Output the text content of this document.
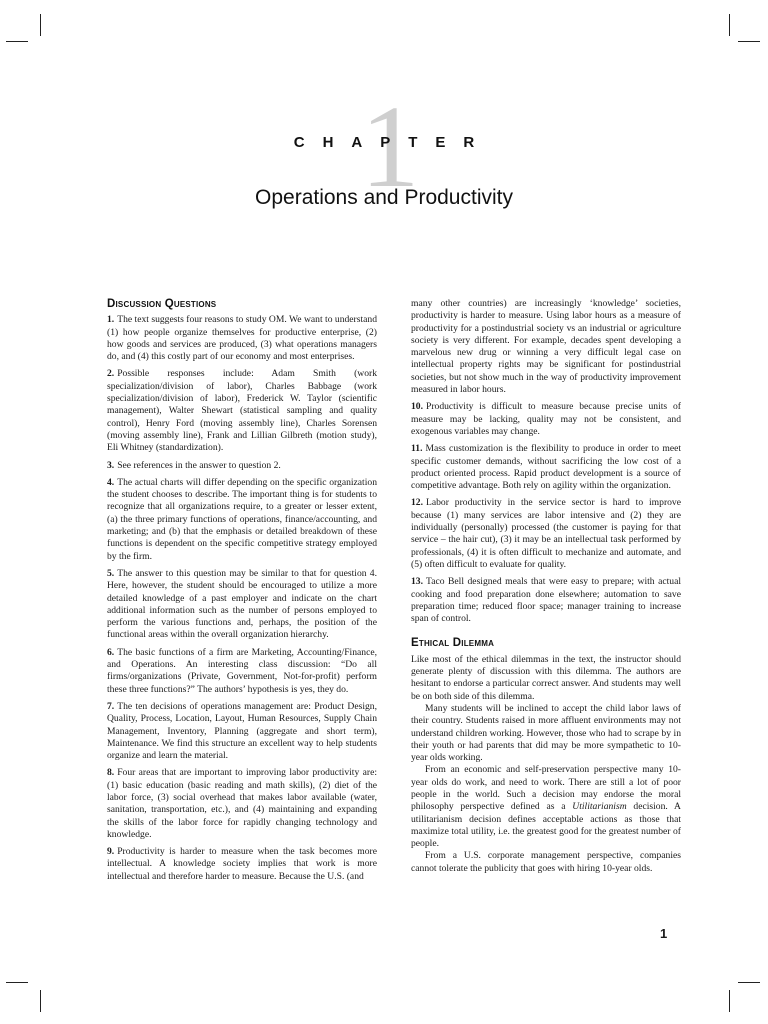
1
CHAPTER
Operations and Productivity
Discussion Questions

1. The text suggests four reasons to study OM. We want to understand (1) how people organize themselves for productive enterprise, (2) how goods and services are produced, (3) what operations managers do, and (4) this costly part of our economy and most enterprises.

2. Possible responses include: Adam Smith (work specialization/division of labor), Charles Babbage (work specialization/division of labor), Frederick W. Taylor (scientific management), Walter Shewart (statistical sampling and quality control), Henry Ford (moving assembly line), Charles Sorensen (moving assembly line), Frank and Lillian Gilbreth (motion study), Eli Whitney (standardization).

3. See references in the answer to question 2.

4. The actual charts will differ depending on the specific organization the student chooses to describe. The important thing is for students to recognize that all organizations require, to a greater or lesser extent, (a) the three primary functions of operations, finance/accounting, and marketing; and (b) that the emphasis or detailed breakdown of these functions is dependent on the specific competitive strategy employed by the firm.

5. The answer to this question may be similar to that for question 4. Here, however, the student should be encouraged to utilize a more detailed knowledge of a past employer and indicate on the chart additional information such as the number of persons employed to perform the various functions and, perhaps, the position of the functional areas within the overall organization hierarchy.

6. The basic functions of a firm are Marketing, Accounting/Finance, and Operations. An interesting class discussion: “Do all firms/organizations (Private, Government, Not-for-profit) perform these three functions?” The authors’ hypothesis is yes, they do.

7. The ten decisions of operations management are: Product Design, Quality, Process, Location, Layout, Human Resources, Supply Chain Management, Inventory, Planning (aggregate and short term), Maintenance. We find this structure an excellent way to help students organize and learn the material.

8. Four areas that are important to improving labor productivity are: (1) basic education (basic reading and math skills), (2) diet of the labor force, (3) social overhead that makes labor available (water, sanitation, transportation, etc.), and (4) maintaining and expanding the skills of the labor force for rapidly changing technology and knowledge.

9. Productivity is harder to measure when the task becomes more intellectual. A knowledge society implies that work is more intellectual and therefore harder to measure. Because the U.S. (and

many other countries) are increasingly ‘knowledge’ societies, productivity is harder to measure. Using labor hours as a measure of productivity for a postindustrial society vs an industrial or agriculture society is very different. For example, decades spent developing a marvelous new drug or winning a very difficult legal case on intellectual property rights may be significant for postindustrial societies, but not show much in the way of productivity improvement measured in labor hours.

10. Productivity is difficult to measure because precise units of measure may be lacking, quality may not be consistent, and exogenous variables may change.

11. Mass customization is the flexibility to produce in order to meet specific customer demands, without sacrificing the low cost of a product oriented process. Rapid product development is a source of competitive advantage. Both rely on agility within the organization.

12. Labor productivity in the service sector is hard to improve because (1) many services are labor intensive and (2) they are individually (personally) processed (the customer is paying for that service – the hair cut), (3) it may be an intellectual task performed by professionals, (4) it is often difficult to mechanize and automate, and (5) often difficult to evaluate for quality.

13. Taco Bell designed meals that were easy to prepare; with actual cooking and food preparation done elsewhere; automation to save preparation time; reduced floor space; manager training to increase span of control.

Ethical Dilemma

Like most of the ethical dilemmas in the text, the instructor should generate plenty of discussion with this dilemma. The authors are hesitant to endorse a particular correct answer. And students may well be on both side of this dilemma.

Many students will be inclined to accept the child labor laws of their country. Students raised in more affluent environments may not understand children working. However, those who had to scrape by in their youth or had parents that did may be more sympathetic to 10-year olds working.

From an economic and self-preservation perspective many 10-year olds do work, and need to work. There are still a lot of poor people in the world. Such a decision may endorse the moral philosophy perspective defined as a Utilitarianism decision. A utilitarianism decision defines acceptable actions as those that maximize total utility, i.e. the greatest good for the greatest number of people.

From a U.S. corporate management perspective, companies cannot tolerate the publicity that goes with hiring 10-year olds.

1
